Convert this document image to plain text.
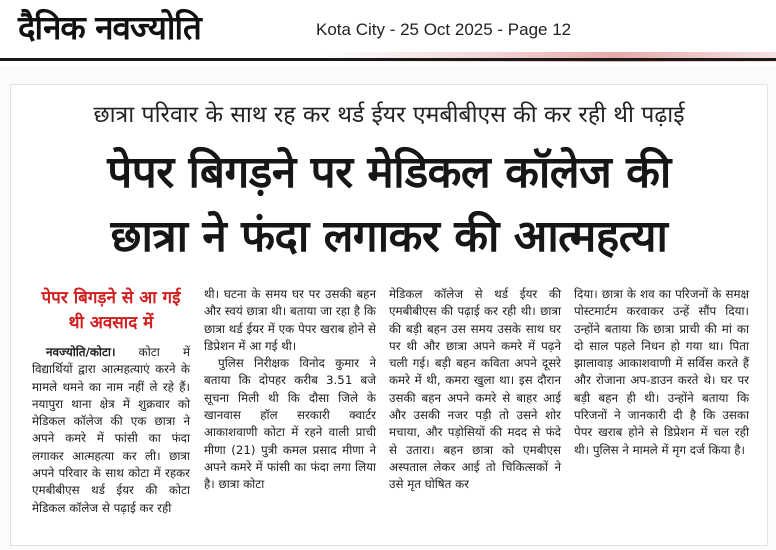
दैनिक नवज्योति	Kota City - 25 Oct 2025 - Page 12
छात्रा परिवार के साथ रह कर थर्ड ईयर एमबीबीएस की कर रही थी पढ़ाई
पेपर बिगड़ने पर मेडिकल कॉलेज की
छात्रा ने फंदा लगाकर की आत्महत्या

पेपर बिगड़ने से आ गई थी अवसाद में

नवज्योति/कोटा। कोटा में विद्यार्थियों द्वारा आत्महत्याएं करने के मामले थमने का नाम नहीं ले रहे हैं। नयापुरा थाना क्षेत्र में शुक्रवार को मेडिकल कॉलेज की एक छात्रा ने अपने कमरे में फांसी का फंदा लगाकर आत्महत्या कर ली। छात्रा अपने परिवार के साथ कोटा में रहकर एमबीबीएस थर्ड ईयर की कोटा मेडिकल कॉलेज से पढ़ाई कर रही

थी। घटना के समय घर पर उसकी बहन और स्वयं छात्रा थी। बताया जा रहा है कि छात्रा थर्ड ईयर में एक पेपर खराब होने से डिप्रेशन में आ गई थी।

पुलिस निरीक्षक विनोद कुमार ने बताया कि दोपहर करीब 3.51 बजे सूचना मिली थी कि दौसा जिले के खानवास हॉल सरकारी क्वार्टर आकाशवाणी कोटा में रहने वाली प्राची मीणा (21) पुत्री कमल प्रसाद मीणा ने अपने कमरे में फांसी का फंदा लगा लिया है। छात्रा कोटा

मेडिकल कॉलेज से थर्ड ईयर की एमबीबीएस की पढ़ाई कर रही थी। छात्रा की बड़ी बहन उस समय उसके साथ घर पर थी और छात्रा अपने कमरे में पढ़ने चली गई। बड़ी बहन कविता अपने दूसरे कमरे में थी, कमरा खुला था। इस दौरान उसकी बहन अपने कमरे से बाहर आई और उसकी नजर पड़ी तो उसने शोर मचाया, और पड़ोसियों की मदद से फंदे से उतारा। बहन छात्रा को एमबीएस अस्पताल लेकर आई तो चिकित्सकों ने उसे मृत घोषित कर

दिया। छात्रा के शव का परिजनों के समक्ष पोस्टमार्टम करवाकर उन्हें सौंप दिया। उन्होंने बताया कि छात्रा प्राची की मां का दो साल पहले निधन हो गया था। पिता झालावाड़ आकाशवाणी में सर्विस करते हैं और रोजाना अप-डाउन करते थे। घर पर बड़ी बहन ही थी। उन्होंने बताया कि परिजनों ने जानकारी दी है कि उसका पेपर खराब होने से डिप्रेशन में चल रही थी। पुलिस ने मामले में मृग दर्ज किया है।
